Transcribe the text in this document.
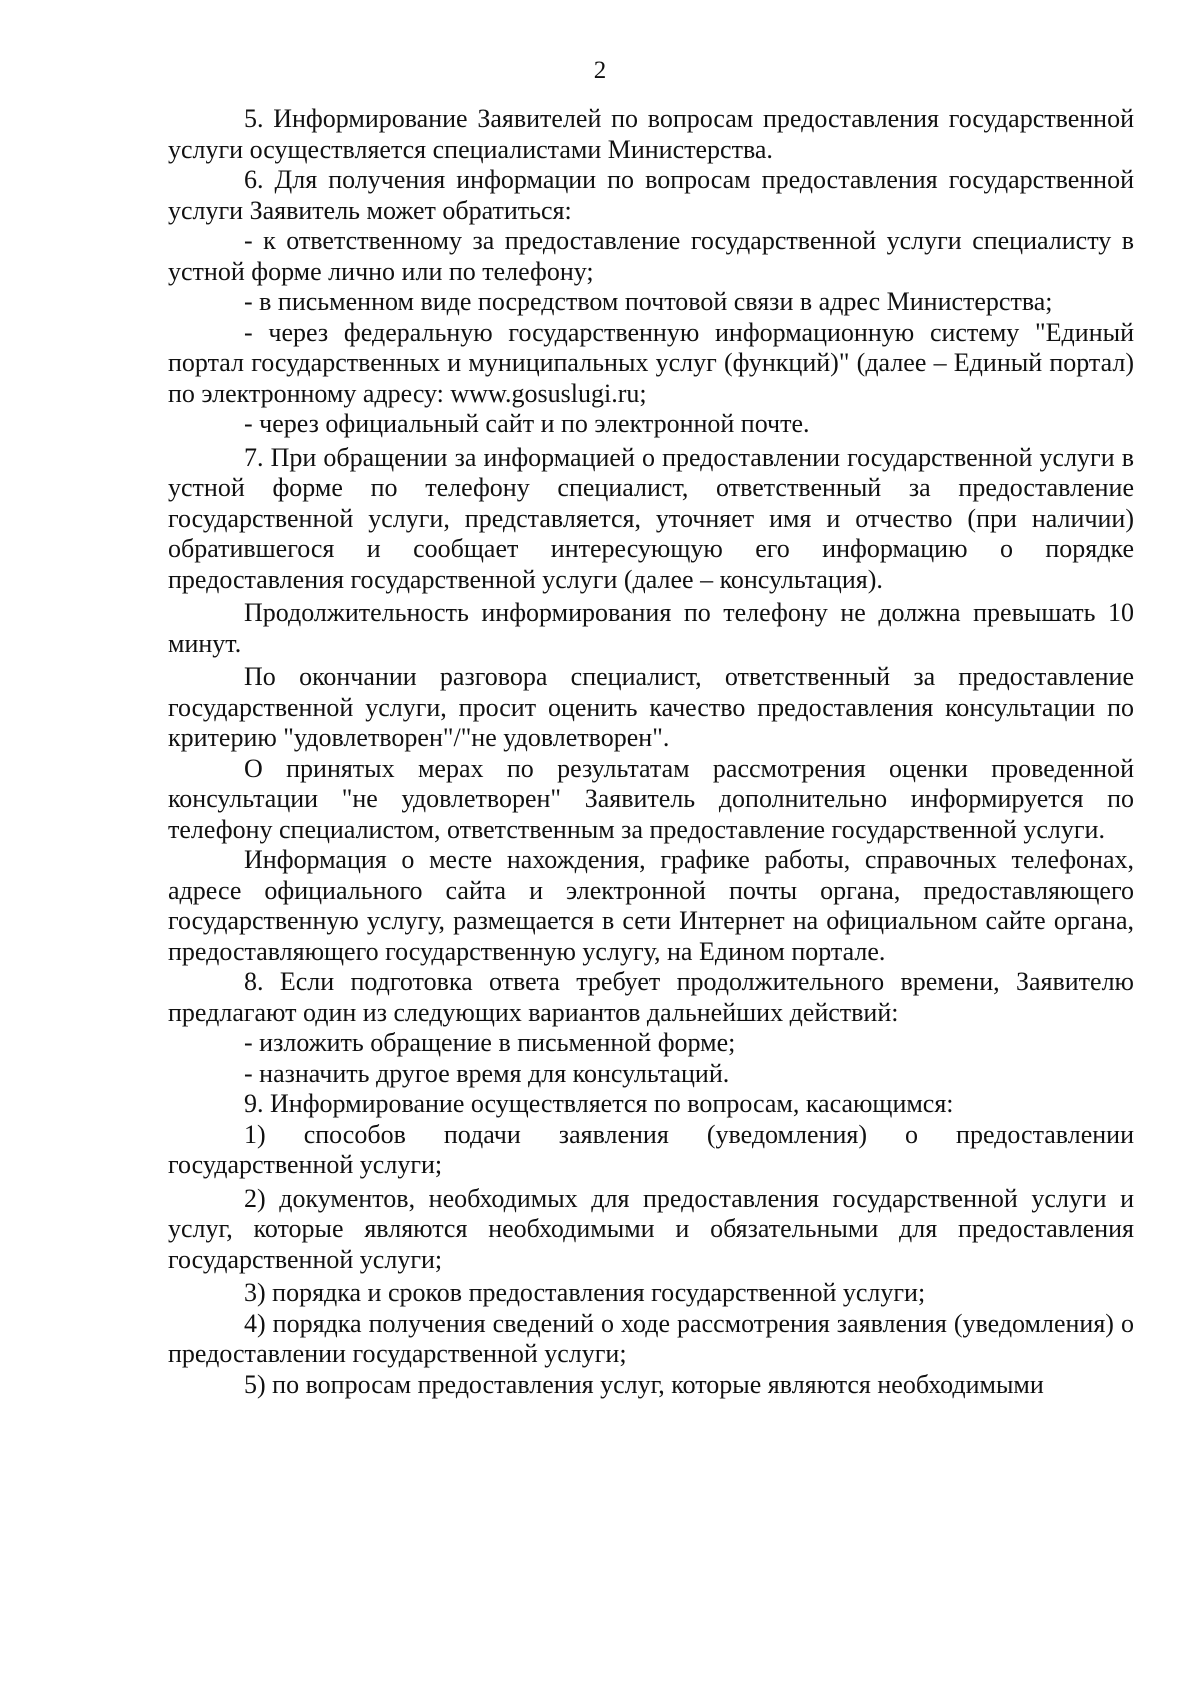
2

5. Информирование Заявителей по вопросам предоставления государственной услуги осуществляется специалистами Министерства.

6. Для получения информации по вопросам предоставления государственной услуги Заявитель может обратиться:

- к ответственному за предоставление государственной услуги специалисту в устной форме лично или по телефону;

- в письменном виде посредством почтовой связи в адрес Министерства;

- через федеральную государственную информационную систему "Единый портал государственных и муниципальных услуг (функций)" (далее – Единый портал) по электронному адресу: www.gosuslugi.ru;

- через официальный сайт и по электронной почте.

7. При обращении за информацией о предоставлении государственной услуги в устной форме по телефону специалист, ответственный за предоставление государственной услуги, представляется, уточняет имя и отчество (при наличии) обратившегося и сообщает интересующую его информацию о порядке предоставления государственной услуги (далее – консультация).

Продолжительность информирования по телефону не должна превышать 10 минут.

По окончании разговора специалист, ответственный за предоставление государственной услуги, просит оценить качество предоставления консультации по критерию "удовлетворен"/"не удовлетворен".

О принятых мерах по результатам рассмотрения оценки проведенной консультации "не удовлетворен" Заявитель дополнительно информируется по телефону специалистом, ответственным за предоставление государственной услуги.

Информация о месте нахождения, графике работы, справочных телефонах, адресе официального сайта и электронной почты органа, предоставляющего государственную услугу, размещается в сети Интернет на официальном сайте органа, предоставляющего государственную услугу, на Едином портале.

8. Если подготовка ответа требует продолжительного времени, Заявителю предлагают один из следующих вариантов дальнейших действий:

- изложить обращение в письменной форме;

- назначить другое время для консультаций.

9. Информирование осуществляется по вопросам, касающимся:

1) способов подачи заявления (уведомления) о предоставлении государственной услуги;

2) документов, необходимых для предоставления государственной услуги и услуг, которые являются необходимыми и обязательными для предоставления государственной услуги;

3) порядка и сроков предоставления государственной услуги;

4) порядка получения сведений о ходе рассмотрения заявления (уведомления) о предоставлении государственной услуги;

5) по вопросам предоставления услуг, которые являются необходимыми
